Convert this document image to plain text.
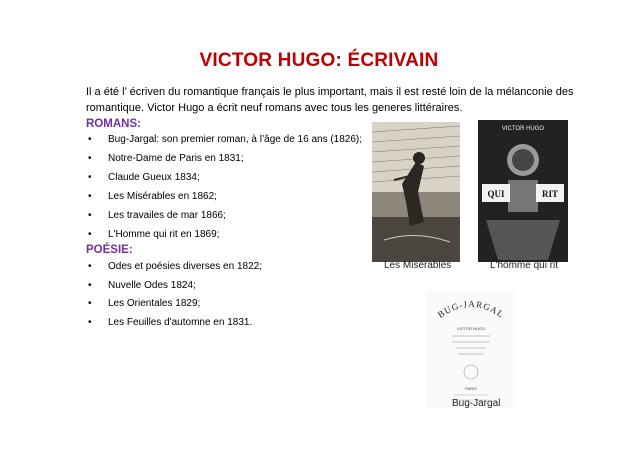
VICTOR HUGO: ÉCRIVAIN
Il a été l’ écriven du romantique français le plus important, mais il est resté loin de la mélanconie des romantique. Victor Hugo a écrit neuf romans avec tous les generes littéraires.
ROMANS:
• Bug-Jargal: son premier roman, à l’âge de 16 ans (1826);
• Notre-Dame de Paris en 1831;
• Claude Gueux 1834;
• Les Misérables en 1862;
• Les travailes de mar 1866;
• L'Homme qui rit en 1869;
POÉSIE:
• Odes et poésies diverses en 1822;
• Nuvelle Odes 1824;
• Les Orientales 1829;
• Les Feuilles d'automne en 1831.
Les Misérables
VICTOR HUGO
QUI	RIT
L'homme qui rit
BUG-JARGAL
VICTOR HUGO
PARIS
Bug-Jargal
